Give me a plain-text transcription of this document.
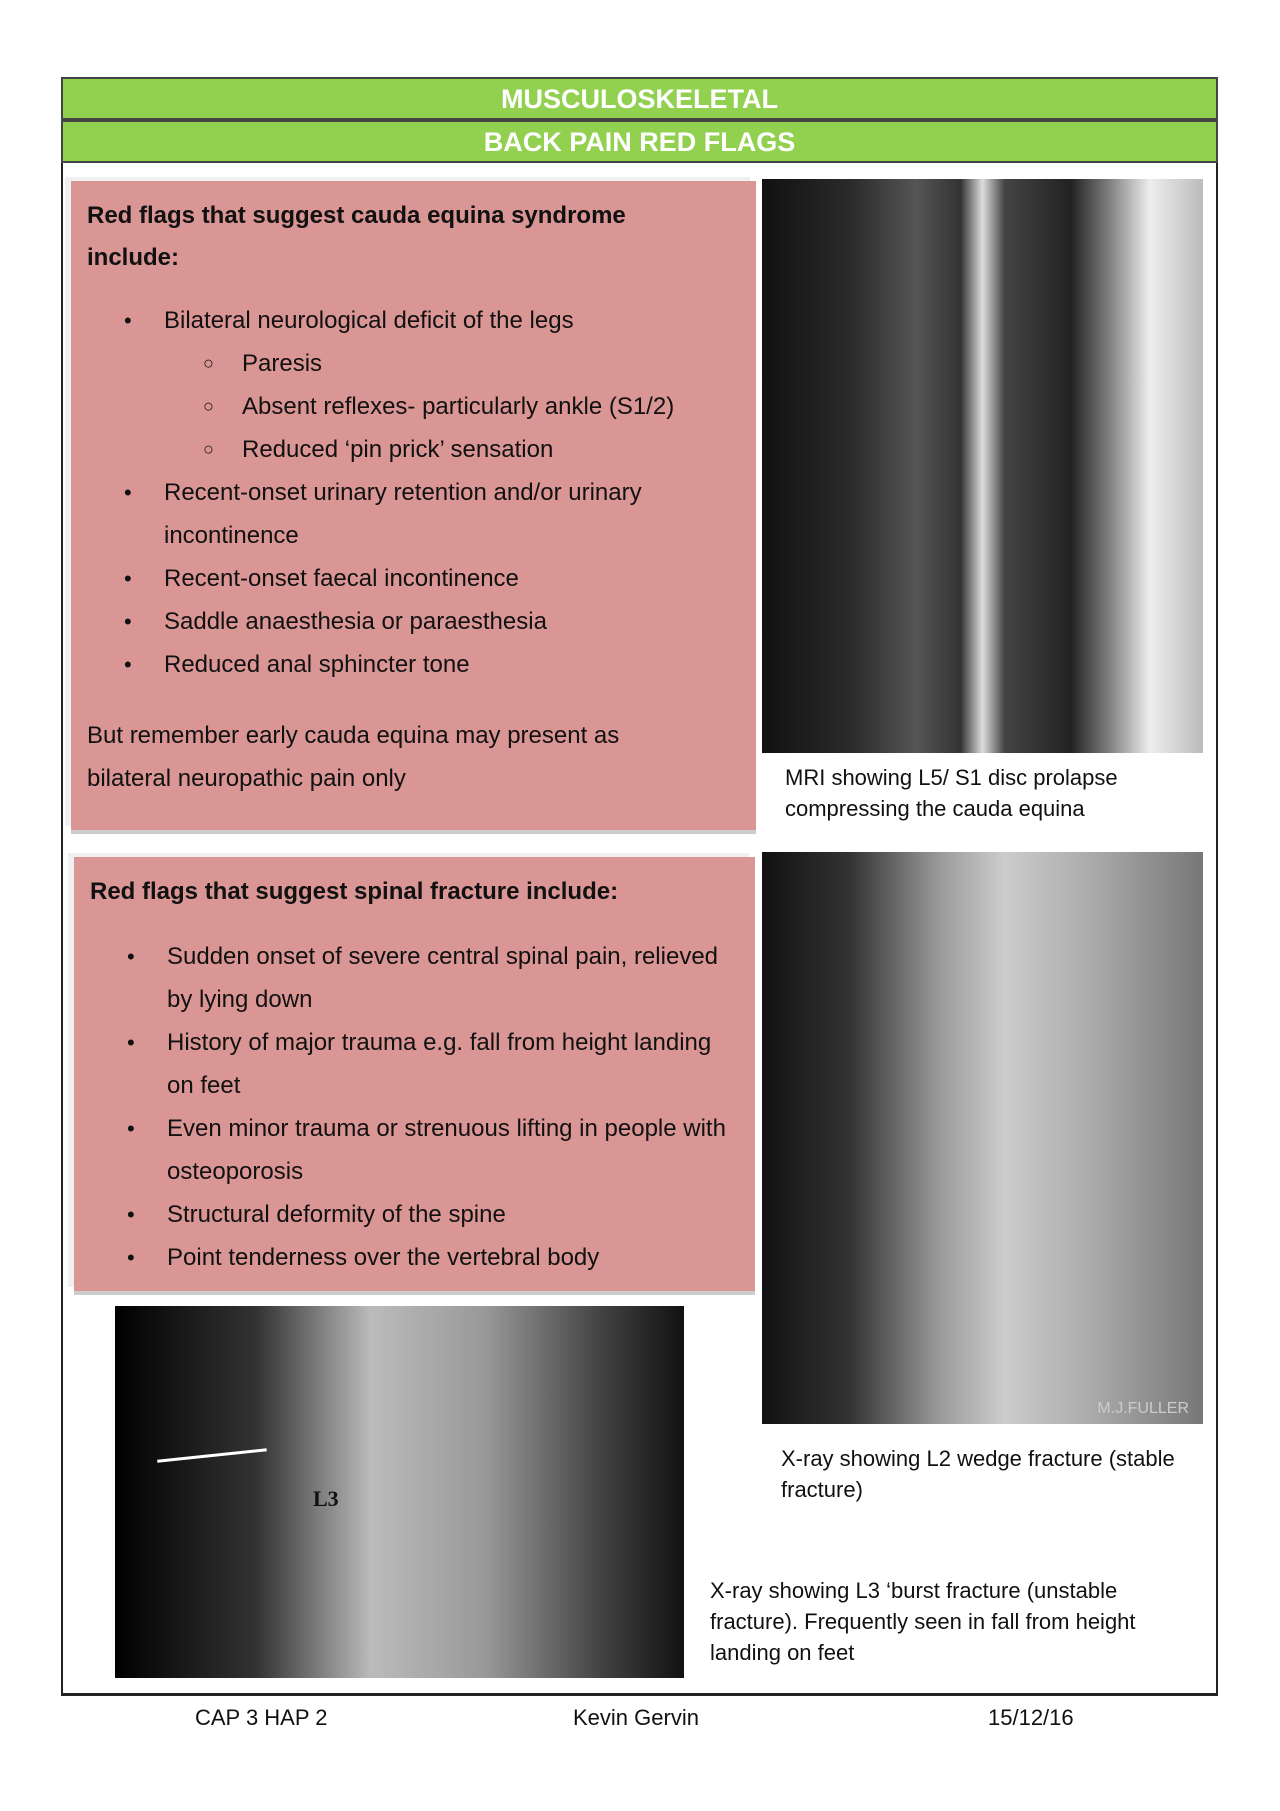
MUSCULOSKELETAL
BACK PAIN RED FLAGS
Red flags that suggest cauda equina syndrome include:
• Bilateral neurological deficit of the legs
○ Paresis
○ Absent reflexes- particularly ankle (S1/2)
○ Reduced ‘pin prick’ sensation
• Recent-onset urinary retention and/or urinary incontinence
• Recent-onset faecal incontinence
• Saddle anaesthesia or paraesthesia
• Reduced anal sphincter tone

But remember early cauda equina may present as bilateral neuropathic pain only	MRI showing L5/ S1 disc prolapse compressing the cauda equina
Red flags that suggest spinal fracture include:
• Sudden onset of severe central spinal pain, relieved by lying down
• History of major trauma e.g. fall from height landing on feet
• Even minor trauma or strenuous lifting in people with osteoporosis
• Structural deformity of the spine
• Point tenderness over the vertebral body
M.J.FULLER
X-ray showing L2 wedge fracture (stable fracture)
L3
X-ray showing L3 ‘burst fracture (unstable fracture). Frequently seen in fall from height landing on feet
CAP 3 HAP 2	Kevin Gervin	15/12/16
